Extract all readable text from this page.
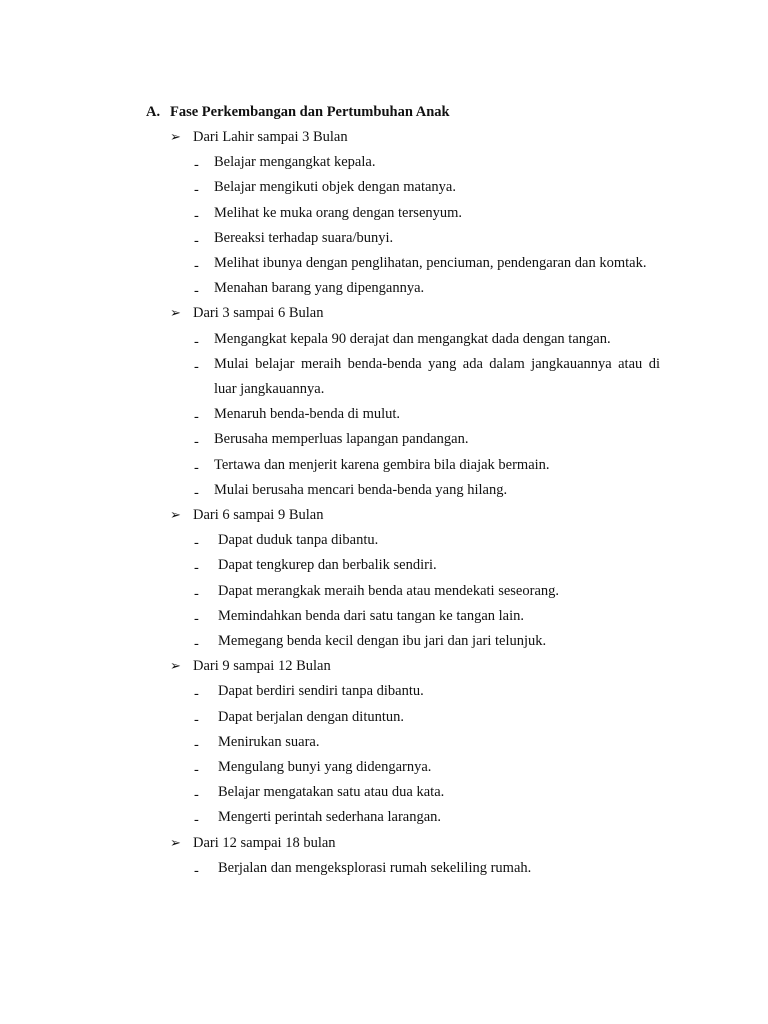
A. Fase Perkembangan dan Pertumbuhan Anak
➢ Dari Lahir sampai 3 Bulan
- Belajar mengangkat kepala.
- Belajar mengikuti objek dengan matanya.
- Melihat ke muka orang dengan tersenyum.
- Bereaksi terhadap suara/bunyi.
- Melihat ibunya dengan penglihatan, penciuman, pendengaran dan komtak.
- Menahan barang yang dipengannya.
➢ Dari 3 sampai 6 Bulan
- Mengangkat kepala 90 derajat dan mengangkat dada dengan tangan.
- Mulai belajar meraih benda-benda yang ada dalam jangkauannya atau di luar jangkauannya.
- Menaruh benda-benda di mulut.
- Berusaha memperluas lapangan pandangan.
- Tertawa dan menjerit karena gembira bila diajak bermain.
- Mulai berusaha mencari benda-benda yang hilang.
➢ Dari 6 sampai 9 Bulan
- Dapat duduk tanpa dibantu.
- Dapat tengkurep dan berbalik sendiri.
- Dapat merangkak meraih benda atau mendekati seseorang.
- Memindahkan benda dari satu tangan ke tangan lain.
- Memegang benda kecil dengan ibu jari dan jari telunjuk.
➢ Dari 9 sampai 12 Bulan
- Dapat berdiri sendiri tanpa dibantu.
- Dapat berjalan dengan dituntun.
- Menirukan suara.
- Mengulang bunyi yang didengarnya.
- Belajar mengatakan satu atau dua kata.
- Mengerti perintah sederhana larangan.
➢ Dari 12 sampai 18 bulan
- Berjalan dan mengeksplorasi rumah sekeliling rumah.
